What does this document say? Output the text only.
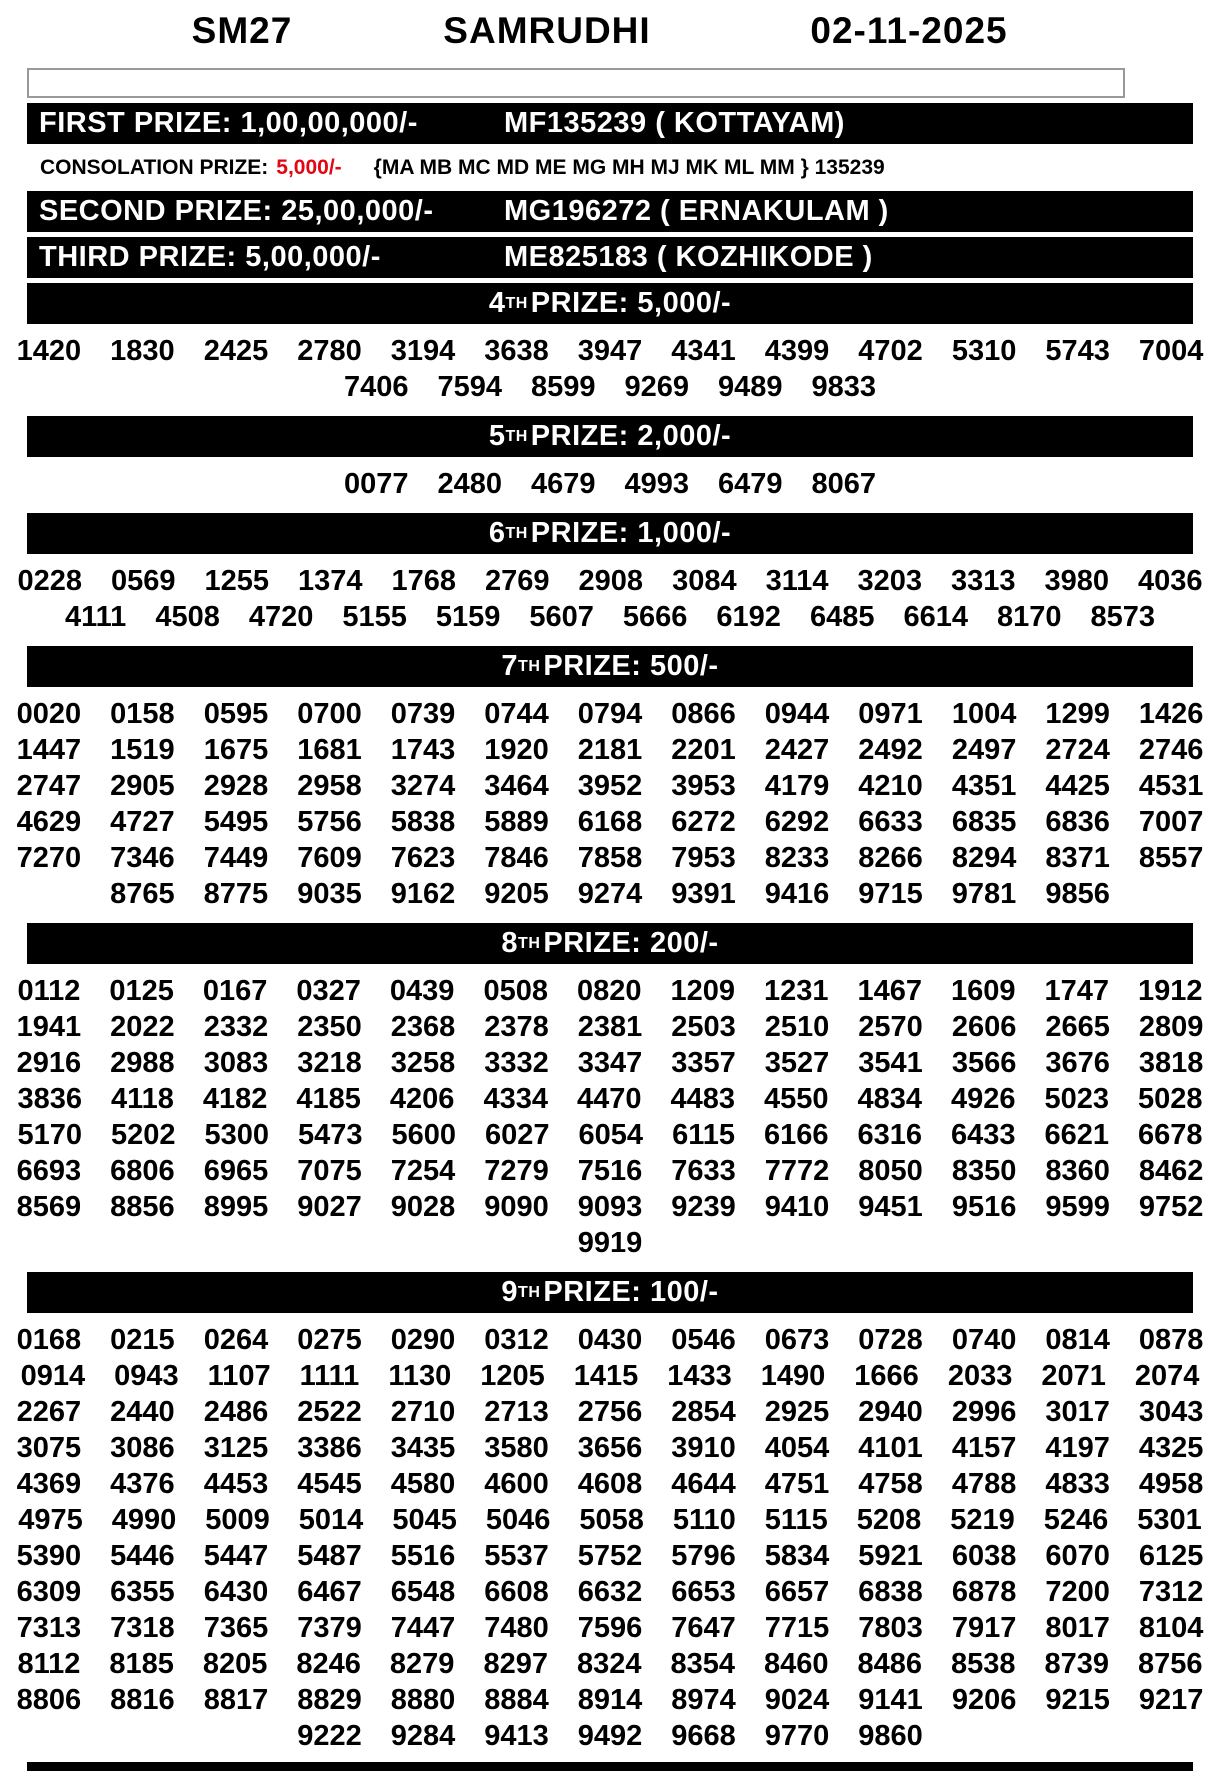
SM27	SAMRUDHI	02-11-2025
FIRST PRIZE: 1,00,00,000/-	MF135239 ( KOTTAYAM)
CONSOLATION PRIZE: 5,000/- {MA MB MC MD ME MG MH MJ MK ML MM } 135239
SECOND PRIZE: 25,00,000/-	MG196272 ( ERNAKULAM )
THIRD PRIZE: 5,00,000/-	ME825183 ( KOZHIKODE )
4 TH PRIZE: 5,000/-
1420 1830 2425 2780 3194 3638 3947 4341 4399 4702 5310 5743 7004
7406 7594 8599 9269 9489 9833
5 TH PRIZE: 2,000/-
0077 2480 4679 4993 6479 8067
6 TH PRIZE: 1,000/-
0228 0569 1255 1374 1768 2769 2908 3084 3114 3203 3313 3980 4036
4111 4508 4720 5155 5159 5607 5666 6192 6485 6614 8170 8573
7 TH PRIZE: 500/-
0020 0158 0595 0700 0739 0744 0794 0866 0944 0971 1004 1299 1426
1447 1519 1675 1681 1743 1920 2181 2201 2427 2492 2497 2724 2746
2747 2905 2928 2958 3274 3464 3952 3953 4179 4210 4351 4425 4531
4629 4727 5495 5756 5838 5889 6168 6272 6292 6633 6835 6836 7007
7270 7346 7449 7609 7623 7846 7858 7953 8233 8266 8294 8371 8557
8765 8775 9035 9162 9205 9274 9391 9416 9715 9781 9856
8 TH PRIZE: 200/-
0112 0125 0167 0327 0439 0508 0820 1209 1231 1467 1609 1747 1912
1941 2022 2332 2350 2368 2378 2381 2503 2510 2570 2606 2665 2809
2916 2988 3083 3218 3258 3332 3347 3357 3527 3541 3566 3676 3818
3836 4118 4182 4185 4206 4334 4470 4483 4550 4834 4926 5023 5028
5170 5202 5300 5473 5600 6027 6054 6115 6166 6316 6433 6621 6678
6693 6806 6965 7075 7254 7279 7516 7633 7772 8050 8350 8360 8462
8569 8856 8995 9027 9028 9090 9093 9239 9410 9451 9516 9599 9752
9919
9 TH PRIZE: 100/-
0168 0215 0264 0275 0290 0312 0430 0546 0673 0728 0740 0814 0878
0914 0943 1107 1111 1130 1205 1415 1433 1490 1666 2033 2071 2074
2267 2440 2486 2522 2710 2713 2756 2854 2925 2940 2996 3017 3043
3075 3086 3125 3386 3435 3580 3656 3910 4054 4101 4157 4197 4325
4369 4376 4453 4545 4580 4600 4608 4644 4751 4758 4788 4833 4958
4975 4990 5009 5014 5045 5046 5058 5110 5115 5208 5219 5246 5301
5390 5446 5447 5487 5516 5537 5752 5796 5834 5921 6038 6070 6125
6309 6355 6430 6467 6548 6608 6632 6653 6657 6838 6878 7200 7312
7313 7318 7365 7379 7447 7480 7596 7647 7715 7803 7917 8017 8104
8112 8185 8205 8246 8279 8297 8324 8354 8460 8486 8538 8739 8756
8806 8816 8817 8829 8880 8884 8914 8974 9024 9141 9206 9215 9217
9222 9284 9413 9492 9668 9770 9860
